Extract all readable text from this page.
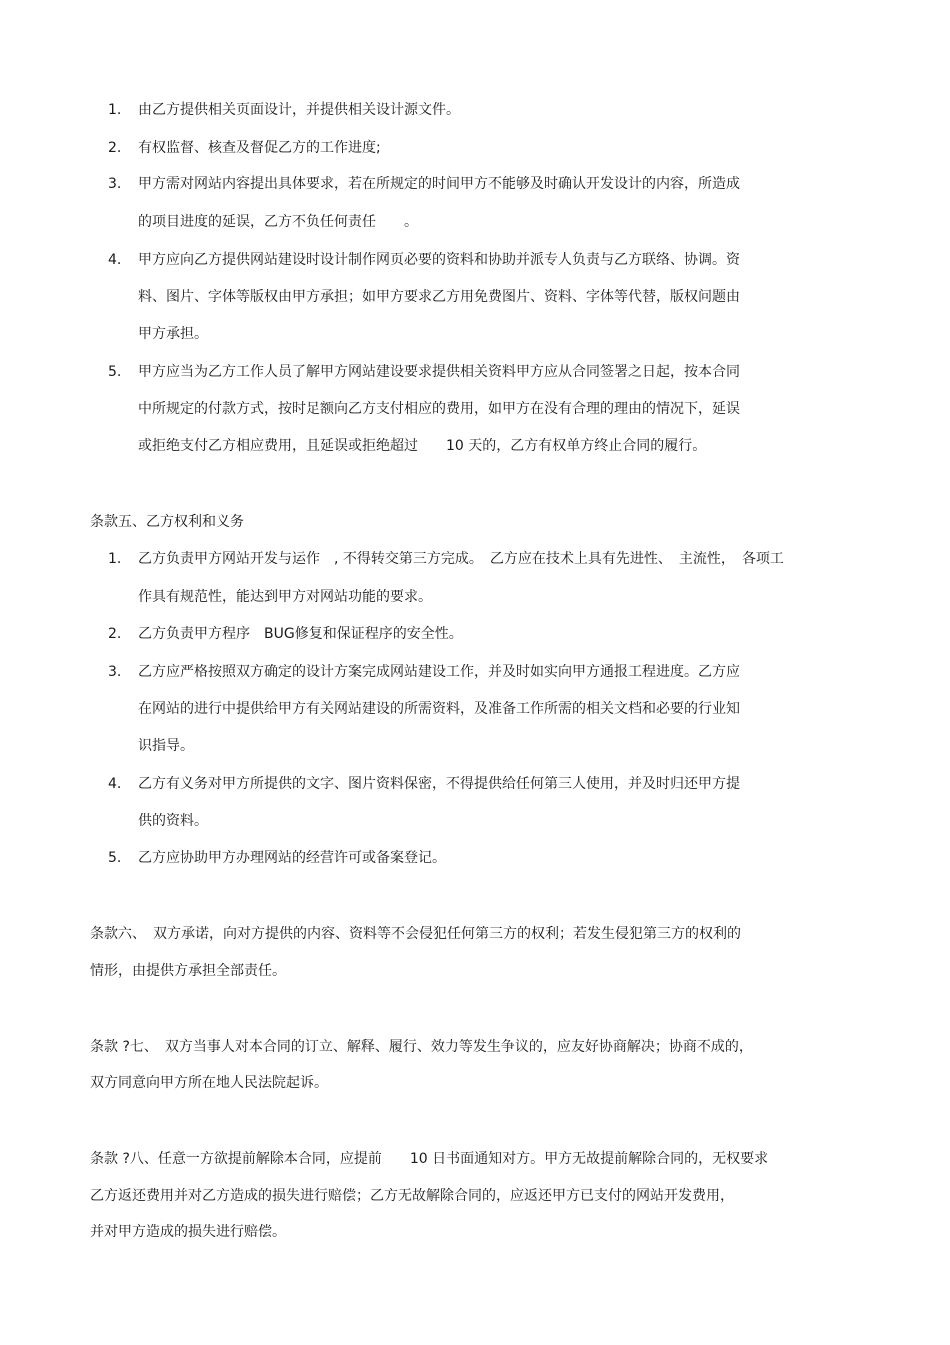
1. 由乙方提供相关页面设计，并提供相关设计源文件。
2. 有权监督、核查及督促乙方的工作进度;
3. 甲方需对网站内容提出具体要求，若在所规定的时间甲方不能够及时确认开发设计的内容，所造成
的项目进度的延误，乙方不负任何责任　　。
4. 甲方应向乙方提供网站建设时设计制作网页必要的资料和协助并派专人负责与乙方联络、协调。资
料、图片、字体等版权由甲方承担；如甲方要求乙方用免费图片、资料、字体等代替，版权问题由
甲方承担。
5. 甲方应当为乙方工作人员了解甲方网站建设要求提供相关资料甲方应从合同签署之日起，按本合同
中所规定的付款方式，按时足额向乙方支付相应的费用，如甲方在没有合理的理由的情况下，延误
或拒绝支付乙方相应费用，且延误或拒绝超过　　10 天的，乙方有权单方终止合同的履行。
条款五、乙方权利和义务
1. 乙方负责甲方网站开发与运作　, 不得转交第三方完成。　乙方应在技术上具有先进性、　主流性，　各项工
作具有规范性，能达到甲方对网站功能的要求。
2. 乙方负责甲方程序　BUG修复和保证程序的安全性。
3. 乙方应严格按照双方确定的设计方案完成网站建设工作，并及时如实向甲方通报工程进度。乙方应
在网站的进行中提供给甲方有关网站建设的所需资料，及准备工作所需的相关文档和必要的行业知
识指导。
4. 乙方有义务对甲方所提供的文字、图片资料保密，不得提供给任何第三人使用，并及时归还甲方提
供的资料。
5. 乙方应协助甲方办理网站的经营许可或备案登记。
条款六、　双方承诺，向对方提供的内容、资料等不会侵犯任何第三方的权利；若发生侵犯第三方的权利的
情形，由提供方承担全部责任。
条款 ?七、　双方当事人对本合同的订立、解释、履行、效力等发生争议的，应友好协商解决；协商不成的，
双方同意向甲方所在地人民法院起诉。
条款 ?八、任意一方欲提前解除本合同，应提前　　10 日书面通知对方。甲方无故提前解除合同的，无权要求
乙方返还费用并对乙方造成的损失进行赔偿；乙方无故解除合同的，应返还甲方已支付的网站开发费用，
并对甲方造成的损失进行赔偿。
